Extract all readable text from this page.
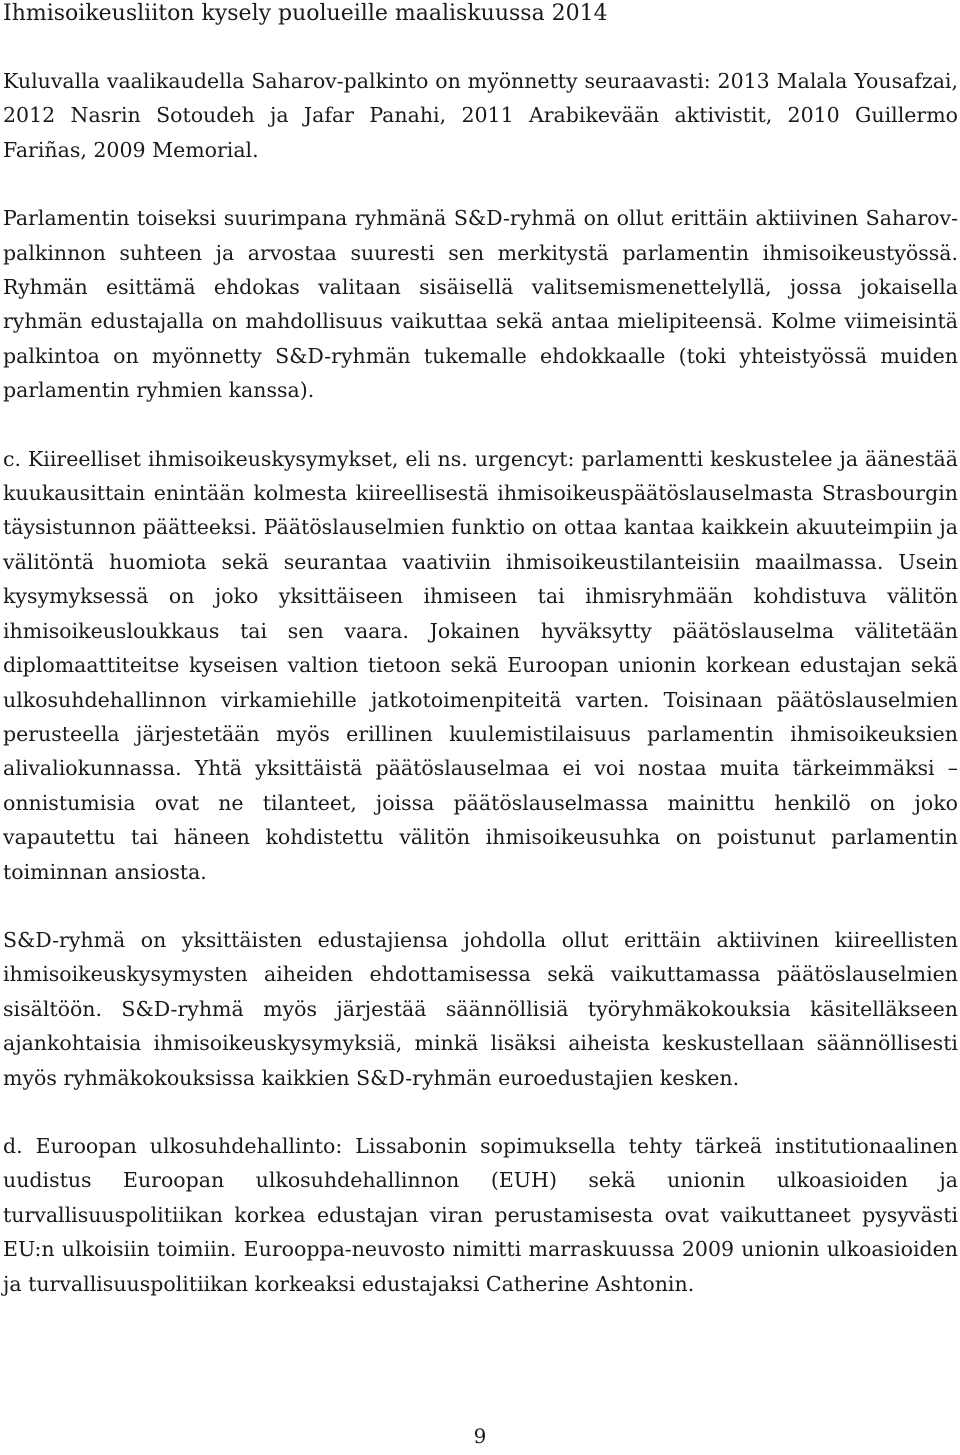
Ihmisoikeusliiton kysely puolueille maaliskuussa 2014

Kuluvalla vaalikaudella Saharov-palkinto on myönnetty seuraavasti: 2013 Malala Yousafzai, 2012 Nasrin Sotoudeh ja Jafar Panahi, 2011 Arabikevään aktivistit, 2010 Guillermo Fariñas, 2009 Memorial.

Parlamentin toiseksi suurimpana ryhmänä S&D-ryhmä on ollut erittäin aktiivinen Saharov-palkinnon suhteen ja arvostaa suuresti sen merkitystä parlamentin ihmisoikeustyössä. Ryhmän esittämä ehdokas valitaan sisäisellä valitsemismenettelyllä, jossa jokaisella ryhmän edustajalla on mahdollisuus vaikuttaa sekä antaa mielipiteensä. Kolme viimeisintä palkintoa on myönnetty S&D-ryhmän tukemalle ehdokkaalle (toki yhteistyössä muiden parlamentin ryhmien kanssa).

c. Kiireelliset ihmisoikeuskysymykset, eli ns. urgencyt: parlamentti keskustelee ja äänestää kuukausittain enintään kolmesta kiireellisestä ihmisoikeuspäätöslauselmasta Strasbourgin täysistunnon päätteeksi. Päätöslauselmien funktio on ottaa kantaa kaikkein akuuteimpiin ja välitöntä huomiota sekä seurantaa vaativiin ihmisoikeustilanteisiin maailmassa. Usein kysymyksessä on joko yksittäiseen ihmiseen tai ihmisryhmään kohdistuva välitön ihmisoikeusloukkaus tai sen vaara. Jokainen hyväksytty päätöslauselma välitetään diplomaattiteitse kyseisen valtion tietoon sekä Euroopan unionin korkean edustajan sekä ulkosuhdehallinnon virkamiehille jatkotoimenpiteitä varten. Toisinaan päätöslauselmien perusteella järjestetään myös erillinen kuulemistilaisuus parlamentin ihmisoikeuksien alivaliokunnassa. Yhtä yksittäistä päätöslauselmaa ei voi nostaa muita tärkeimmäksi – onnistumisia ovat ne tilanteet, joissa päätöslauselmassa mainittu henkilö on joko vapautettu tai häneen kohdistettu välitön ihmisoikeusuhka on poistunut parlamentin toiminnan ansiosta.

S&D-ryhmä on yksittäisten edustajiensa johdolla ollut erittäin aktiivinen kiireellisten ihmisoikeuskysymysten aiheiden ehdottamisessa sekä vaikuttamassa päätöslauselmien sisältöön. S&D-ryhmä myös järjestää säännöllisiä työryhmäkokouksia käsitelläkseen ajankohtaisia ihmisoikeuskysymyksiä, minkä lisäksi aiheista keskustellaan säännöllisesti myös ryhmäkokouksissa kaikkien S&D-ryhmän euroedustajien kesken.

d. Euroopan ulkosuhdehallinto: Lissabonin sopimuksella tehty tärkeä institutionaalinen uudistus Euroopan ulkosuhdehallinnon (EUH) sekä unionin ulkoasioiden ja turvallisuuspolitiikan korkea edustajan viran perustamisesta ovat vaikuttaneet pysyvästi EU:n ulkoisiin toimiin. Eurooppa-neuvosto nimitti marraskuussa 2009 unionin ulkoasioiden ja turvallisuuspolitiikan korkeaksi edustajaksi Catherine Ashtonin.

9
